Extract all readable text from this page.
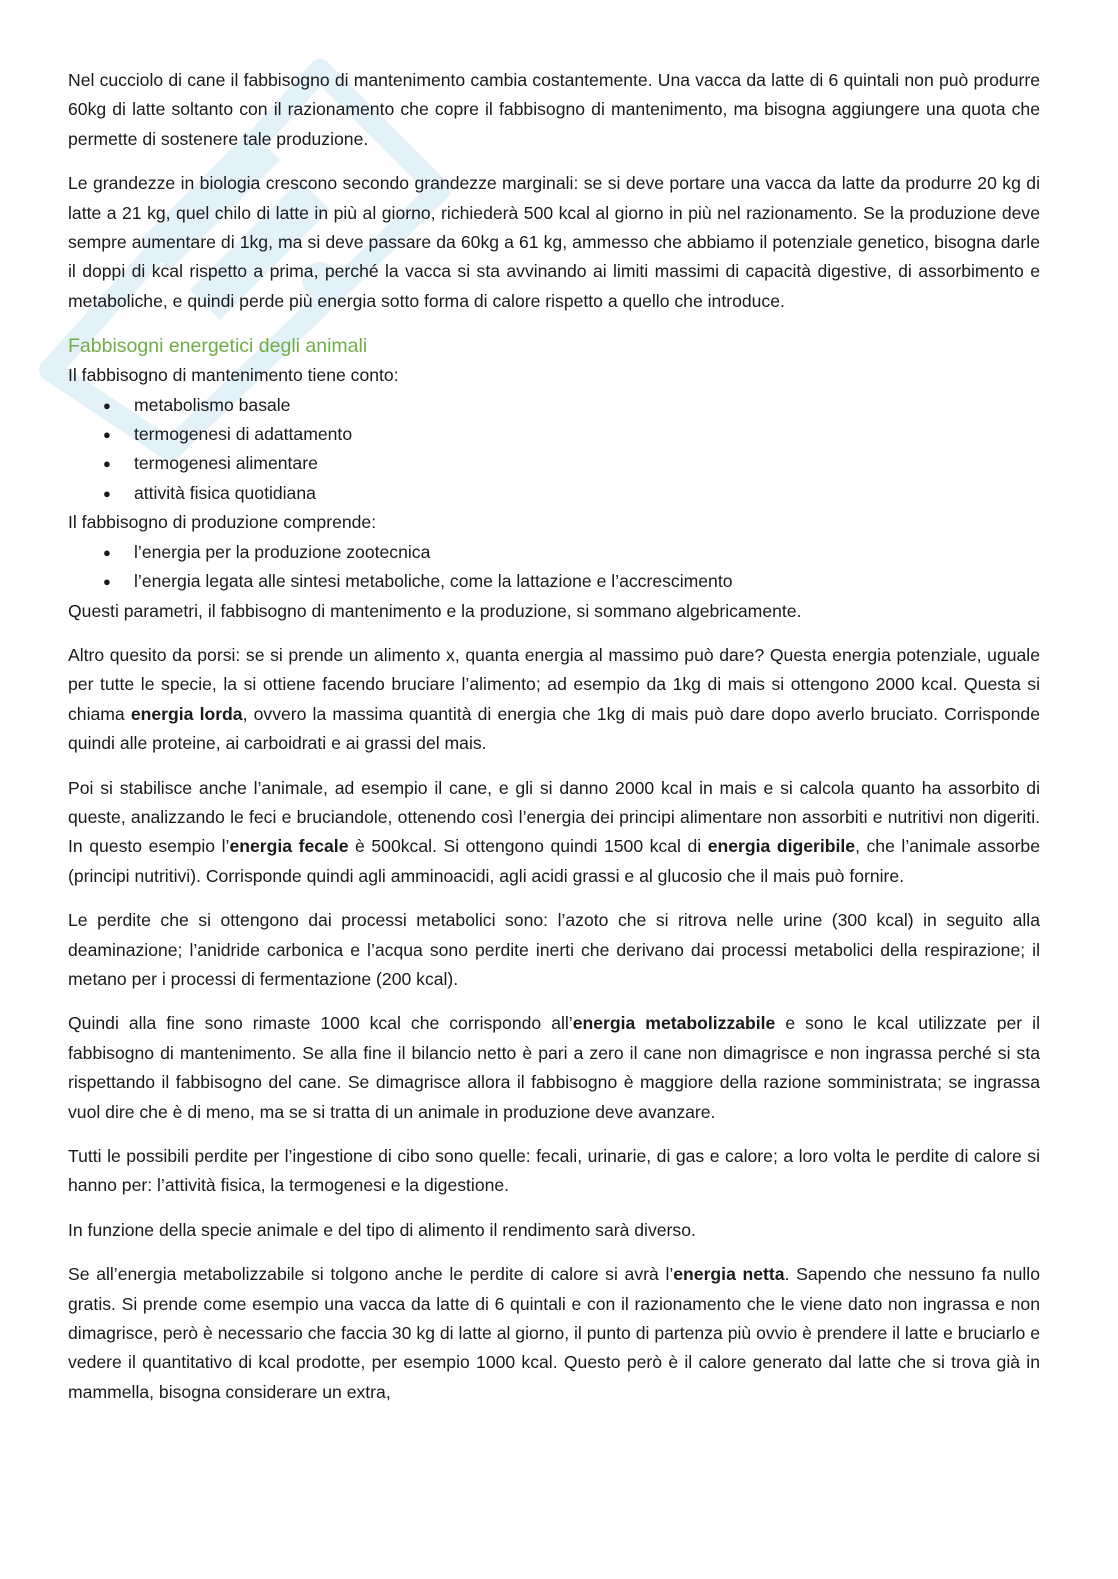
Nel cucciolo di cane il fabbisogno di mantenimento cambia costantemente. Una vacca da latte di 6 quintali non può produrre 60kg di latte soltanto con il razionamento che copre il fabbisogno di mantenimento, ma bisogna aggiungere una quota che permette di sostenere tale produzione.

Le grandezze in biologia crescono secondo grandezze marginali: se si deve portare una vacca da latte da produrre 20 kg di latte a 21 kg, quel chilo di latte in più al giorno, richiederà 500 kcal al giorno in più nel razionamento. Se la produzione deve sempre aumentare di 1kg, ma si deve passare da 60kg a 61 kg, ammesso che abbiamo il potenziale genetico, bisogna darle il doppi di kcal rispetto a prima, perché la vacca si sta avvinando ai limiti massimi di capacità digestive, di assorbimento e metaboliche, e quindi perde più energia sotto forma di calore rispetto a quello che introduce.

Fabbisogni energetici degli animali

Il fabbisogno di mantenimento tiene conto:

● metabolismo basale
● termogenesi di adattamento
● termogenesi alimentare
● attività fisica quotidiana

Il fabbisogno di produzione comprende:

● l’energia per la produzione zootecnica
● l’energia legata alle sintesi metaboliche, come la lattazione e l’accrescimento

Questi parametri, il fabbisogno di mantenimento e la produzione, si sommano algebricamente.

Altro quesito da porsi: se si prende un alimento x, quanta energia al massimo può dare? Questa energia potenziale, uguale per tutte le specie, la si ottiene facendo bruciare l’alimento; ad esempio da 1kg di mais si ottengono 2000 kcal. Questa si chiama energia lorda, ovvero la massima quantità di energia che 1kg di mais può dare dopo averlo bruciato. Corrisponde quindi alle proteine, ai carboidrati e ai grassi del mais.

Poi si stabilisce anche l’animale, ad esempio il cane, e gli si danno 2000 kcal in mais e si calcola quanto ha assorbito di queste, analizzando le feci e bruciandole, ottenendo così l’energia dei principi alimentare non assorbiti e nutritivi non digeriti. In questo esempio l’energia fecale è 500kcal. Si ottengono quindi 1500 kcal di energia digeribile, che l’animale assorbe (principi nutritivi). Corrisponde quindi agli amminoacidi, agli acidi grassi e al glucosio che il mais può fornire.

Le perdite che si ottengono dai processi metabolici sono: l’azoto che si ritrova nelle urine (300 kcal) in seguito alla deaminazione; l’anidride carbonica e l’acqua sono perdite inerti che derivano dai processi metabolici della respirazione; il metano per i processi di fermentazione (200 kcal).

Quindi alla fine sono rimaste 1000 kcal che corrispondo all’energia metabolizzabile e sono le kcal utilizzate per il fabbisogno di mantenimento. Se alla fine il bilancio netto è pari a zero il cane non dimagrisce e non ingrassa perché si sta rispettando il fabbisogno del cane. Se dimagrisce allora il fabbisogno è maggiore della razione somministrata; se ingrassa vuol dire che è di meno, ma se si tratta di un animale in produzione deve avanzare.

Tutti le possibili perdite per l’ingestione di cibo sono quelle: fecali, urinarie, di gas e calore; a loro volta le perdite di calore si hanno per: l’attività fisica, la termogenesi e la digestione.

In funzione della specie animale e del tipo di alimento il rendimento sarà diverso.

Se all’energia metabolizzabile si tolgono anche le perdite di calore si avrà l’energia netta. Sapendo che nessuno fa nullo gratis. Si prende come esempio una vacca da latte di 6 quintali e con il razionamento che le viene dato non ingrassa e non dimagrisce, però è necessario che faccia 30 kg di latte al giorno, il punto di partenza più ovvio è prendere il latte e bruciarlo e vedere il quantitativo di kcal prodotte, per esempio 1000 kcal. Questo però è il calore generato dal latte che si trova già in mammella, bisogna considerare un extra,
